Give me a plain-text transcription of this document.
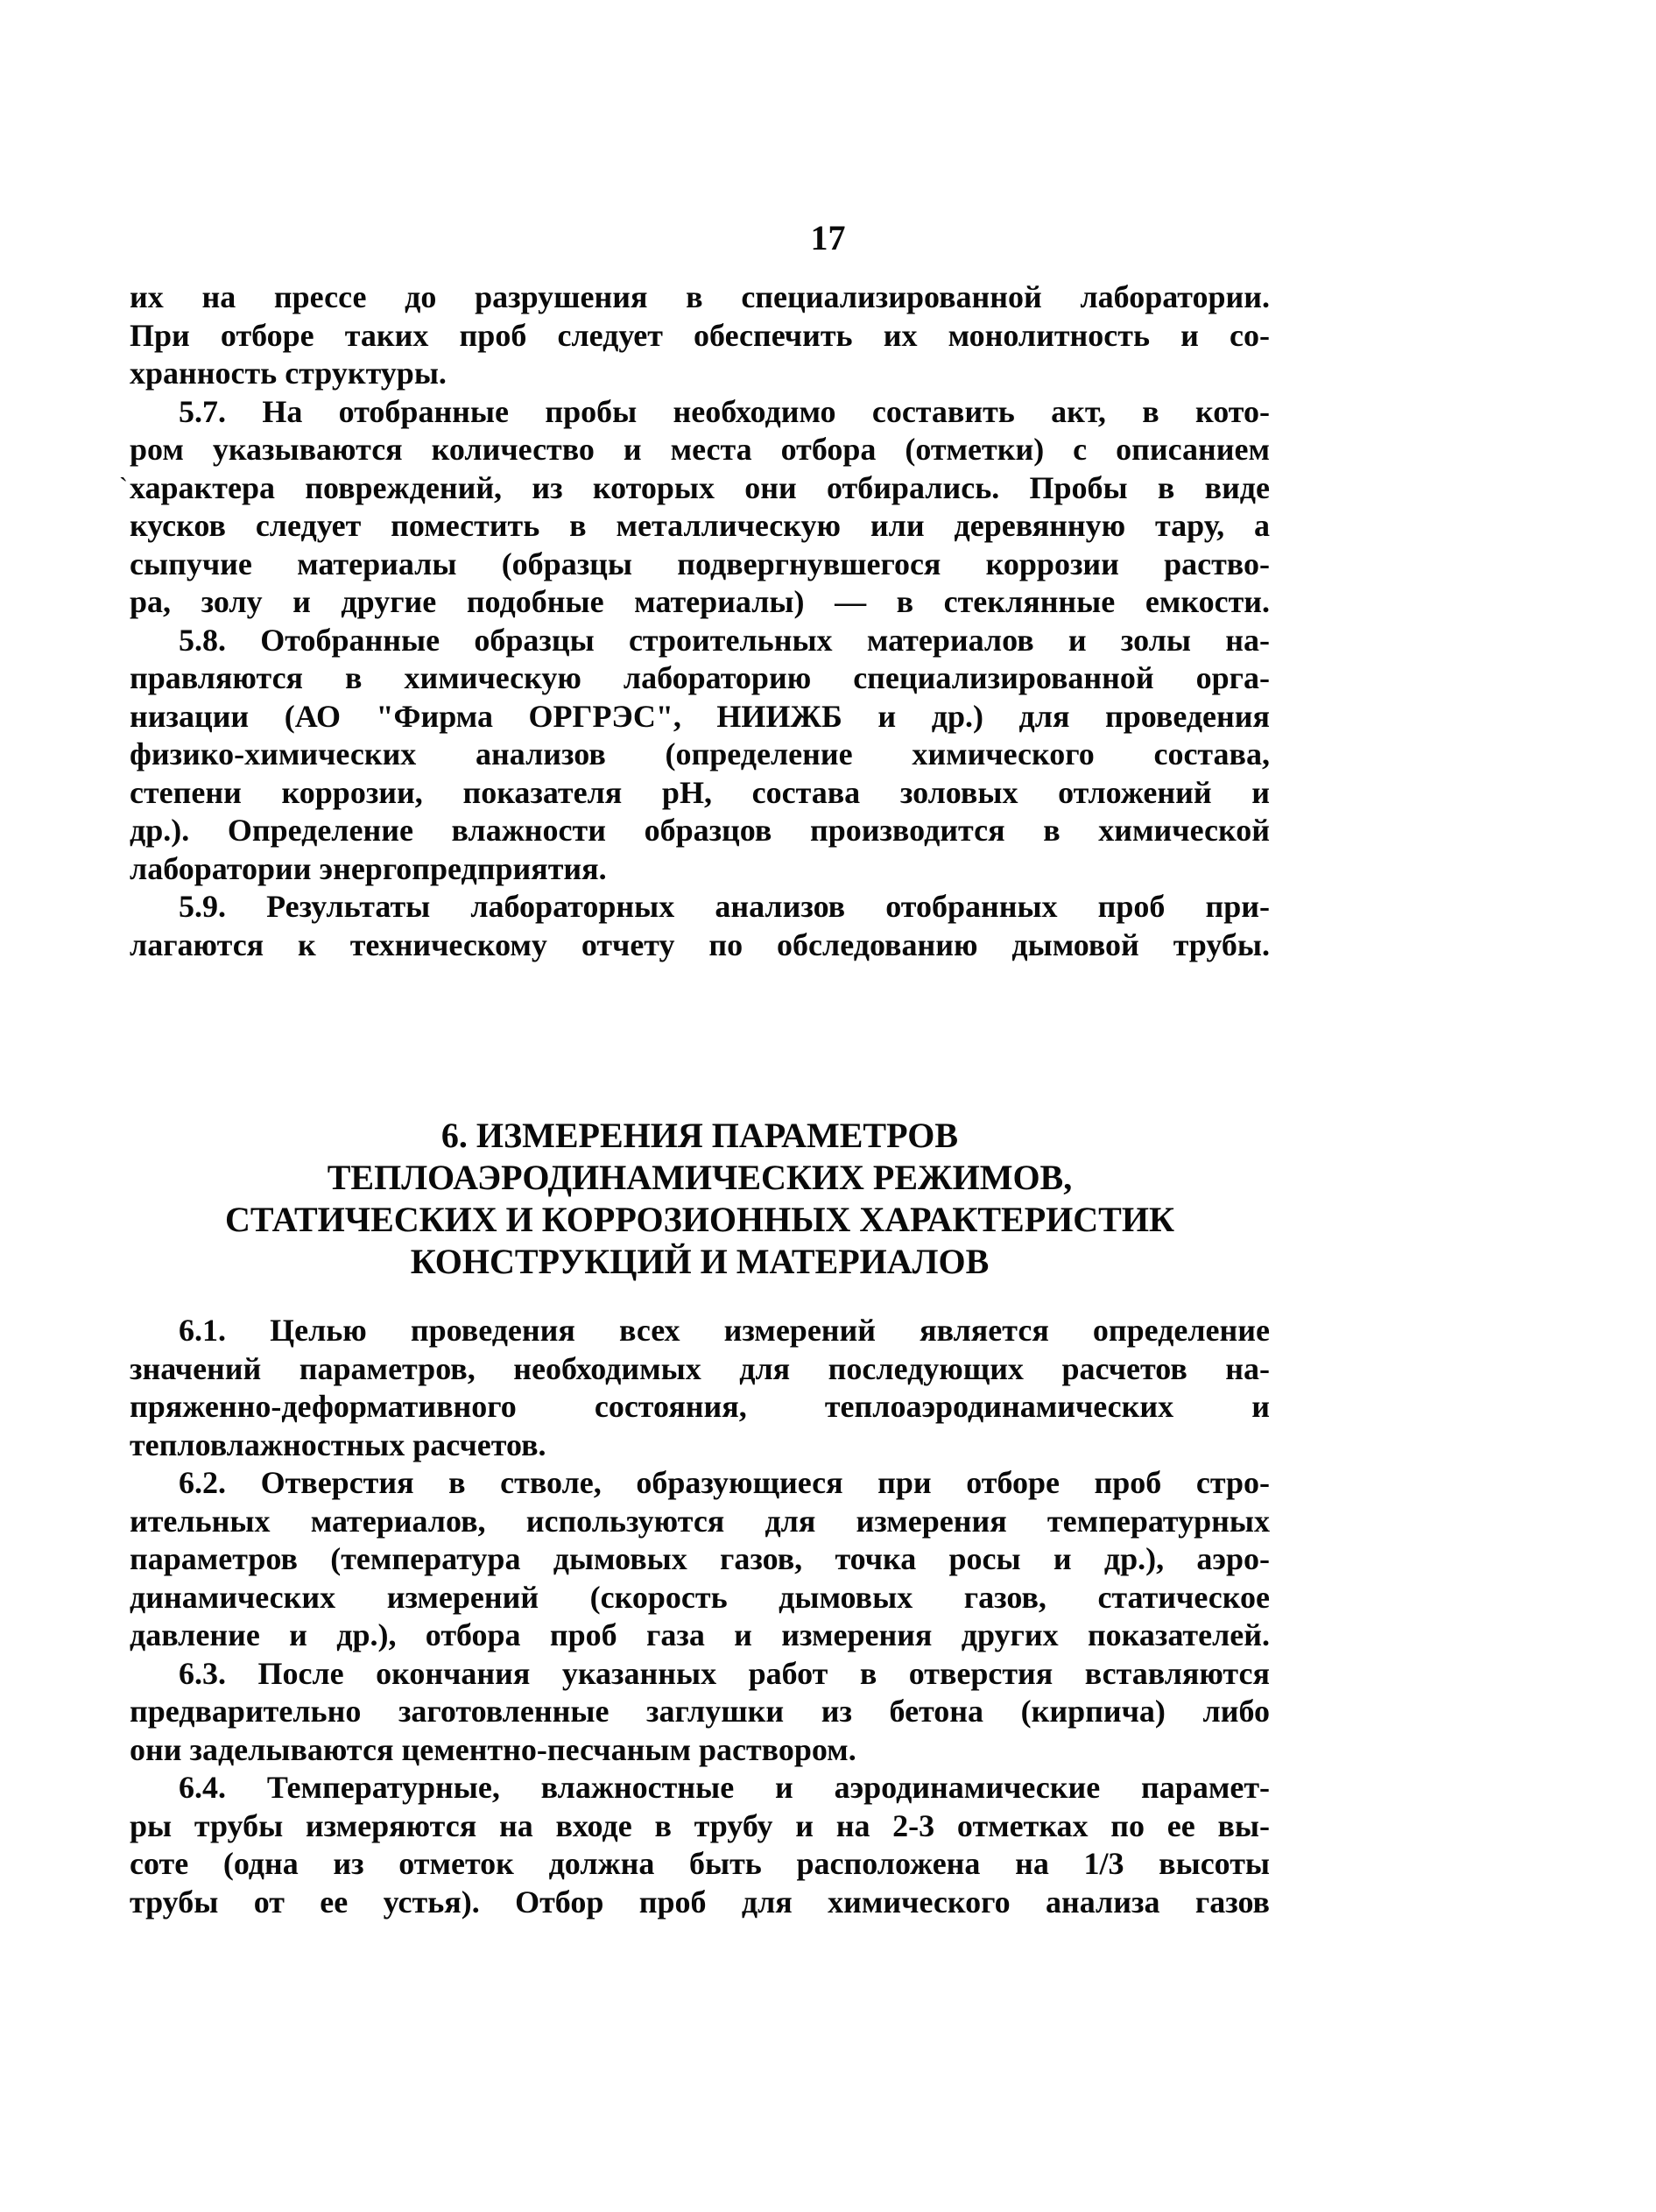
17
их на прессе до разрушения в специализированной лаборатории.
При отборе таких проб следует обеспечить их монолитность и со-
хранность структуры.
5.7. На отобранные пробы необходимо составить акт, в кото-
ром указываются количество и места отбора (отметки) с описанием
ˏ
характера повреждений, из которых они отбирались. Пробы в виде
кусков следует поместить в металлическую или деревянную тару, а
сыпучие материалы (образцы подвергнувшегося коррозии раство-
ра, золу и другие подобные материалы) — в стеклянные емкости.
5.8. Отобранные образцы строительных материалов и золы на-
правляются в химическую лабораторию специализированной орга-
низации (АО "Фирма ОРГРЭС", НИИЖБ и др.) для проведения
физико-химических анализов (определение химического состава,
степени коррозии, показателя pH, состава золовых отложений и
др.). Определение влажности образцов производится в химической
лаборатории энергопредприятия.
5.9. Результаты лабораторных анализов отобранных проб при-
лагаются к техническому отчету по обследованию дымовой трубы.
6. ИЗМЕРЕНИЯ ПАРАМЕТРОВ
ТЕПЛОАЭРОДИНАМИЧЕСКИХ РЕЖИМОВ,
СТАТИЧЕСКИХ И КОРРОЗИОННЫХ ХАРАКТЕРИСТИК
КОНСТРУКЦИЙ И МАТЕРИАЛОВ
6.1. Целью проведения всех измерений является определение
значений параметров, необходимых для последующих расчетов на-
пряженно-деформативного состояния, теплоаэродинамических и
тепловлажностных расчетов.
6.2. Отверстия в стволе, образующиеся при отборе проб стро-
ительных материалов, используются для измерения температурных
параметров (температура дымовых газов, точка росы и др.), аэро-
динамических измерений (скорость дымовых газов, статическое
давление и др.), отбора проб газа и измерения других показателей.
6.3. После окончания указанных работ в отверстия вставляются
предварительно заготовленные заглушки из бетона (кирпича) либо
они заделываются цементно-песчаным раствором.
6.4. Температурные, влажностные и аэродинамические парамет-
ры трубы измеряются на входе в трубу и на 2-3 отметках по ее вы-
соте (одна из отметок должна быть расположена на 1/3 высоты
трубы от ее устья). Отбор проб для химического анализа газов
